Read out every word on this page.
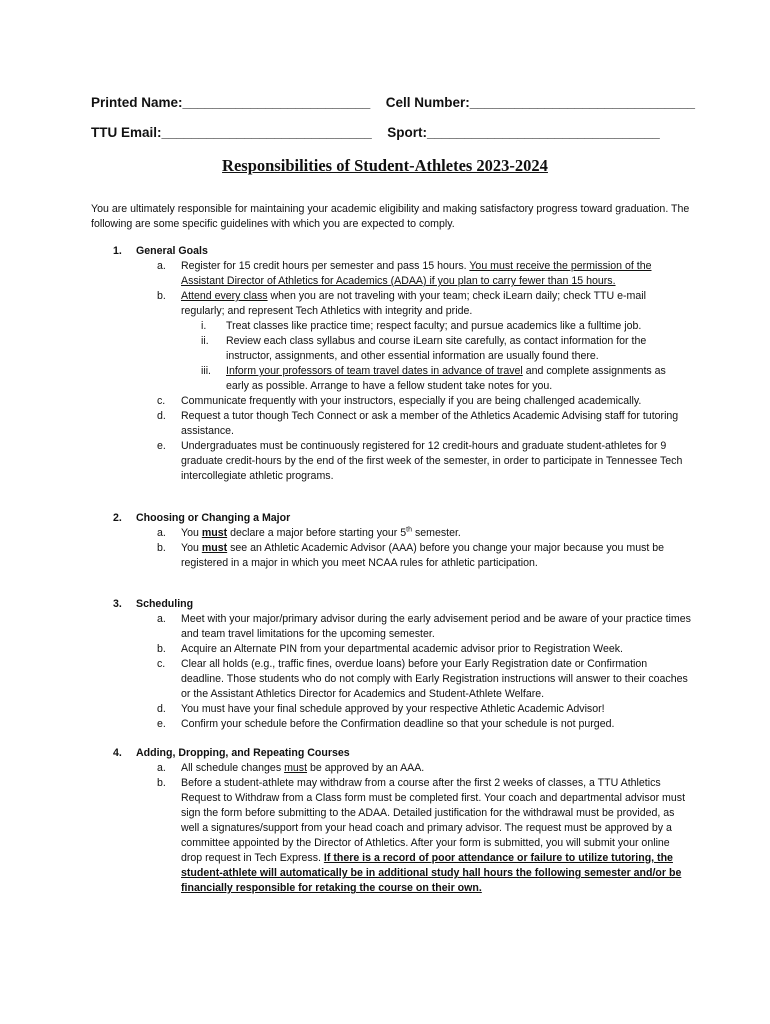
Printed Name:_________________________ Cell Number:______________________________
TTU Email:____________________________ Sport:_______________________________
Responsibilities of Student-Athletes 2023-2024
You are ultimately responsible for maintaining your academic eligibility and making satisfactory progress toward graduation. The following are some specific guidelines with which you are expected to comply.
1. General Goals
a. Register for 15 credit hours per semester and pass 15 hours. You must receive the permission of the Assistant Director of Athletics for Academics (ADAA) if you plan to carry fewer than 15 hours.
b. Attend every class when you are not traveling with your team; check iLearn daily; check TTU e-mail regularly; and represent Tech Athletics with integrity and pride.
i. Treat classes like practice time; respect faculty; and pursue academics like a fulltime job.
ii. Review each class syllabus and course iLearn site carefully, as contact information for the instructor, assignments, and other essential information are usually found there.
iii. Inform your professors of team travel dates in advance of travel and complete assignments as early as possible. Arrange to have a fellow student take notes for you.
c. Communicate frequently with your instructors, especially if you are being challenged academically.
d. Request a tutor though Tech Connect or ask a member of the Athletics Academic Advising staff for tutoring assistance.
e. Undergraduates must be continuously registered for 12 credit-hours and graduate student-athletes for 9 graduate credit-hours by the end of the first week of the semester, in order to participate in Tennessee Tech intercollegiate athletic programs.
2. Choosing or Changing a Major
a. You must declare a major before starting your 5th semester.
b. You must see an Athletic Academic Advisor (AAA) before you change your major because you must be registered in a major in which you meet NCAA rules for athletic participation.
3. Scheduling
a. Meet with your major/primary advisor during the early advisement period and be aware of your practice times and team travel limitations for the upcoming semester.
b. Acquire an Alternate PIN from your departmental academic advisor prior to Registration Week.
c. Clear all holds (e.g., traffic fines, overdue loans) before your Early Registration date or Confirmation deadline. Those students who do not comply with Early Registration instructions will answer to their coaches or the Assistant Athletics Director for Academics and Student-Athlete Welfare.
d. You must have your final schedule approved by your respective Athletic Academic Advisor!
e. Confirm your schedule before the Confirmation deadline so that your schedule is not purged.
4. Adding, Dropping, and Repeating Courses
a. All schedule changes must be approved by an AAA.
b. Before a student-athlete may withdraw from a course after the first 2 weeks of classes, a TTU Athletics Request to Withdraw from a Class form must be completed first. Your coach and departmental advisor must sign the form before submitting to the ADAA. Detailed justification for the withdrawal must be provided, as well a signatures/support from your head coach and primary advisor. The request must be approved by a committee appointed by the Director of Athletics. After your form is submitted, you will submit your online drop request in Tech Express. If there is a record of poor attendance or failure to utilize tutoring, the student-athlete will automatically be in additional study hall hours the following semester and/or be financially responsible for retaking the course on their own.
